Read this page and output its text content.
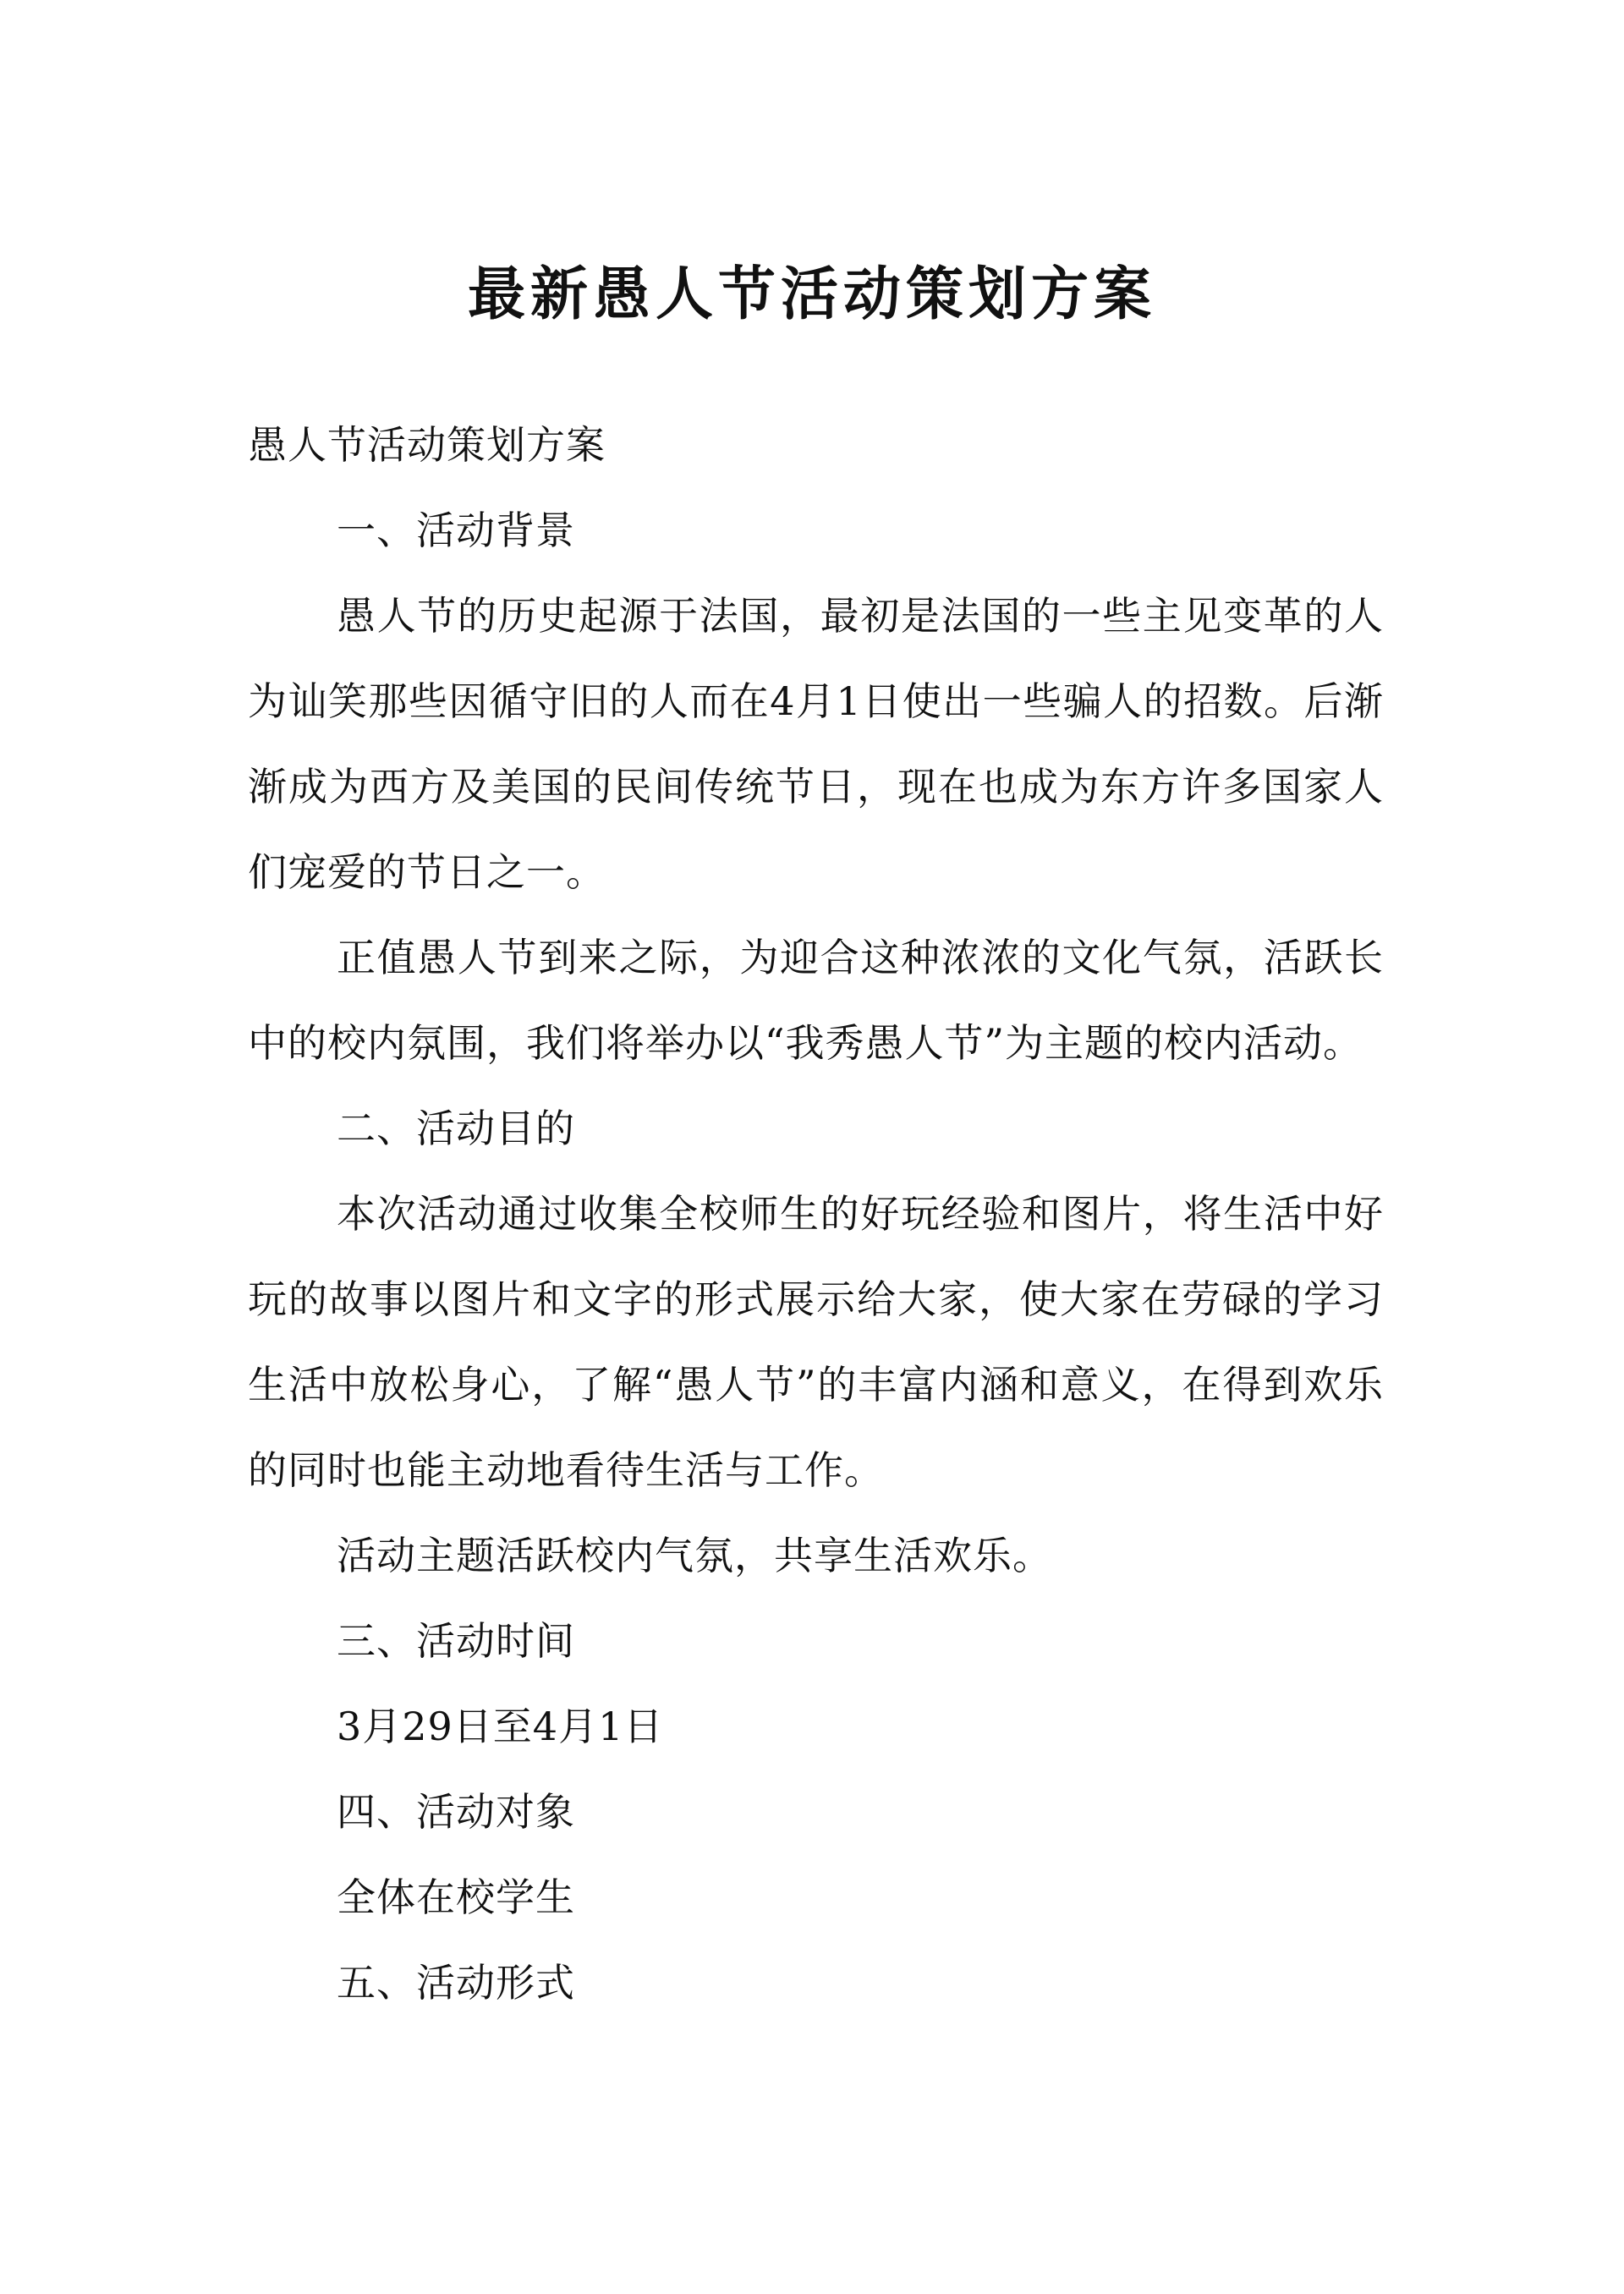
最新愚人节活动策划方案

愚人节活动策划方案

一、活动背景

愚人节的历史起源于法国，最初是法国的一些主见变革的人为讪笑那些因循守旧的人而在4月1日使出一些骗人的招数。后渐渐成为西方及美国的民间传统节日，现在也成为东方许多国家人们宠爱的节日之一。

正值愚人节到来之际，为迎合这种浓浓的文化气氛，活跃长中的校内氛围，我们将举办以“我秀愚人节”为主题的校内活动。

二、活动目的

本次活动通过收集全校师生的好玩经验和图片，将生活中好玩的故事以图片和文字的形式展示给大家，使大家在劳碌的学习生活中放松身心，了解“愚人节”的丰富内涵和意义，在得到欢乐的同时也能主动地看待生活与工作。

活动主题活跃校内气氛，共享生活欢乐。

三、活动时间

3月29日至4月1日

四、活动对象

全体在校学生

五、活动形式
